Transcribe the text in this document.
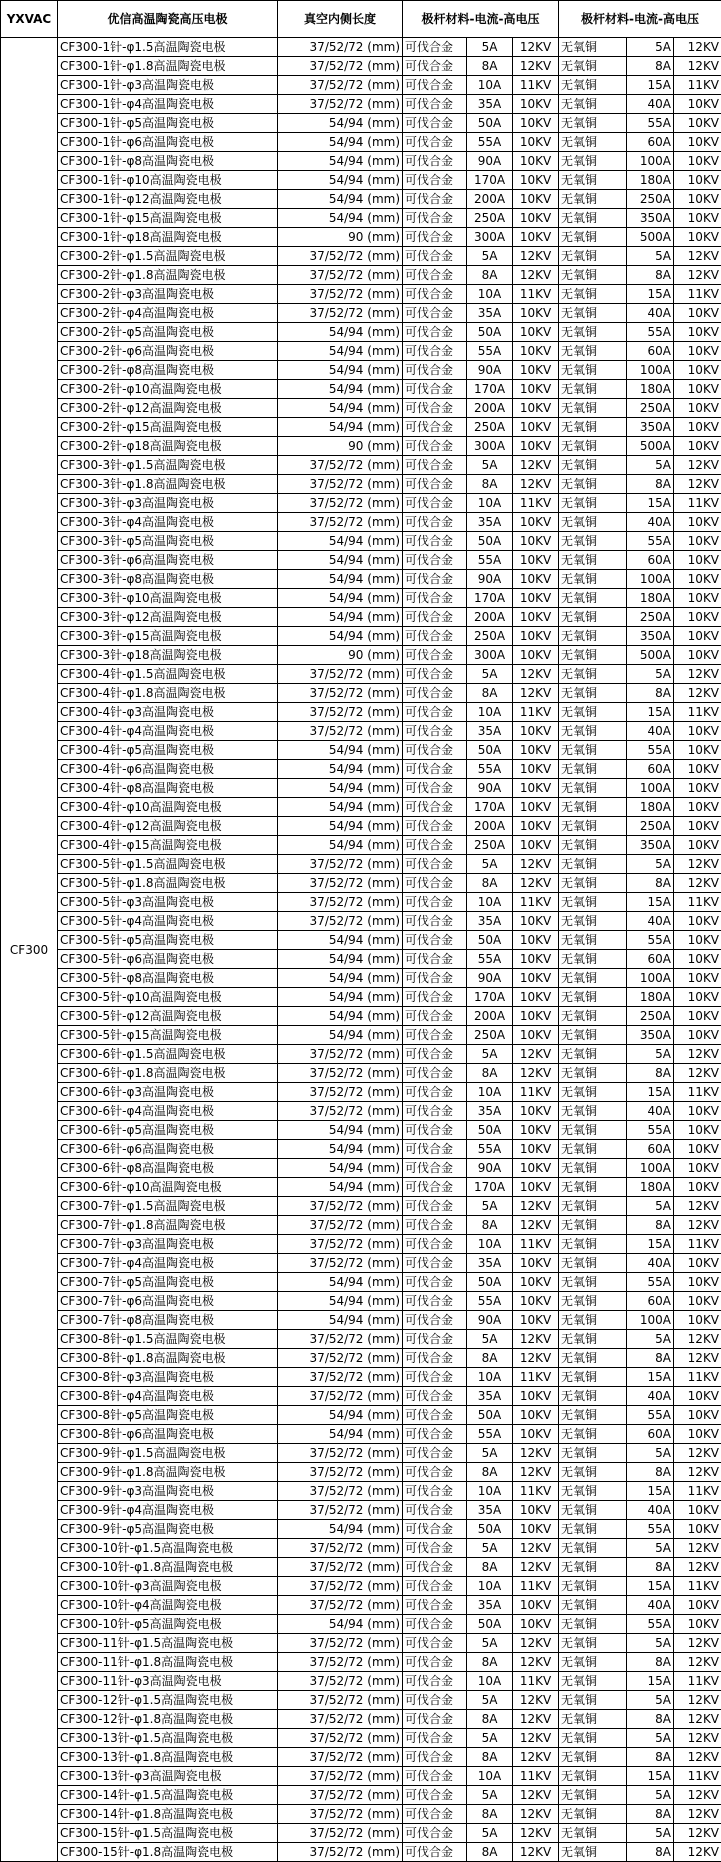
YXVAC	优信高温陶瓷高压电极	真空内侧长度	极杆材料-电流-高电压			极杆材料-电流-高电压		
CF300	CF300-1针-φ1.5高温陶瓷电极	37/52/72 (mm)	可伐合金	5A	12KV	无氧铜	5A	12KV
	CF300-1针-φ1.8高温陶瓷电极	37/52/72 (mm)	可伐合金	8A	12KV	无氧铜	8A	12KV
	CF300-1针-φ3高温陶瓷电极	37/52/72 (mm)	可伐合金	10A	11KV	无氧铜	15A	11KV
	CF300-1针-φ4高温陶瓷电极	37/52/72 (mm)	可伐合金	35A	10KV	无氧铜	40A	10KV
	CF300-1针-φ5高温陶瓷电极	54/94 (mm)	可伐合金	50A	10KV	无氧铜	55A	10KV
	CF300-1针-φ6高温陶瓷电极	54/94 (mm)	可伐合金	55A	10KV	无氧铜	60A	10KV
	CF300-1针-φ8高温陶瓷电极	54/94 (mm)	可伐合金	90A	10KV	无氧铜	100A	10KV
	CF300-1针-φ10高温陶瓷电极	54/94 (mm)	可伐合金	170A	10KV	无氧铜	180A	10KV
	CF300-1针-φ12高温陶瓷电极	54/94 (mm)	可伐合金	200A	10KV	无氧铜	250A	10KV
	CF300-1针-φ15高温陶瓷电极	54/94 (mm)	可伐合金	250A	10KV	无氧铜	350A	10KV
	CF300-1针-φ18高温陶瓷电极	90 (mm)	可伐合金	300A	10KV	无氧铜	500A	10KV
	CF300-2针-φ1.5高温陶瓷电极	37/52/72 (mm)	可伐合金	5A	12KV	无氧铜	5A	12KV
	CF300-2针-φ1.8高温陶瓷电极	37/52/72 (mm)	可伐合金	8A	12KV	无氧铜	8A	12KV
	CF300-2针-φ3高温陶瓷电极	37/52/72 (mm)	可伐合金	10A	11KV	无氧铜	15A	11KV
	CF300-2针-φ4高温陶瓷电极	37/52/72 (mm)	可伐合金	35A	10KV	无氧铜	40A	10KV
	CF300-2针-φ5高温陶瓷电极	54/94 (mm)	可伐合金	50A	10KV	无氧铜	55A	10KV
	CF300-2针-φ6高温陶瓷电极	54/94 (mm)	可伐合金	55A	10KV	无氧铜	60A	10KV
	CF300-2针-φ8高温陶瓷电极	54/94 (mm)	可伐合金	90A	10KV	无氧铜	100A	10KV
	CF300-2针-φ10高温陶瓷电极	54/94 (mm)	可伐合金	170A	10KV	无氧铜	180A	10KV
	CF300-2针-φ12高温陶瓷电极	54/94 (mm)	可伐合金	200A	10KV	无氧铜	250A	10KV
	CF300-2针-φ15高温陶瓷电极	54/94 (mm)	可伐合金	250A	10KV	无氧铜	350A	10KV
	CF300-2针-φ18高温陶瓷电极	90 (mm)	可伐合金	300A	10KV	无氧铜	500A	10KV
	CF300-3针-φ1.5高温陶瓷电极	37/52/72 (mm)	可伐合金	5A	12KV	无氧铜	5A	12KV
	CF300-3针-φ1.8高温陶瓷电极	37/52/72 (mm)	可伐合金	8A	12KV	无氧铜	8A	12KV
	CF300-3针-φ3高温陶瓷电极	37/52/72 (mm)	可伐合金	10A	11KV	无氧铜	15A	11KV
	CF300-3针-φ4高温陶瓷电极	37/52/72 (mm)	可伐合金	35A	10KV	无氧铜	40A	10KV
	CF300-3针-φ5高温陶瓷电极	54/94 (mm)	可伐合金	50A	10KV	无氧铜	55A	10KV
	CF300-3针-φ6高温陶瓷电极	54/94 (mm)	可伐合金	55A	10KV	无氧铜	60A	10KV
	CF300-3针-φ8高温陶瓷电极	54/94 (mm)	可伐合金	90A	10KV	无氧铜	100A	10KV
	CF300-3针-φ10高温陶瓷电极	54/94 (mm)	可伐合金	170A	10KV	无氧铜	180A	10KV
	CF300-3针-φ12高温陶瓷电极	54/94 (mm)	可伐合金	200A	10KV	无氧铜	250A	10KV
	CF300-3针-φ15高温陶瓷电极	54/94 (mm)	可伐合金	250A	10KV	无氧铜	350A	10KV
	CF300-3针-φ18高温陶瓷电极	90 (mm)	可伐合金	300A	10KV	无氧铜	500A	10KV
	CF300-4针-φ1.5高温陶瓷电极	37/52/72 (mm)	可伐合金	5A	12KV	无氧铜	5A	12KV
	CF300-4针-φ1.8高温陶瓷电极	37/52/72 (mm)	可伐合金	8A	12KV	无氧铜	8A	12KV
	CF300-4针-φ3高温陶瓷电极	37/52/72 (mm)	可伐合金	10A	11KV	无氧铜	15A	11KV
	CF300-4针-φ4高温陶瓷电极	37/52/72 (mm)	可伐合金	35A	10KV	无氧铜	40A	10KV
	CF300-4针-φ5高温陶瓷电极	54/94 (mm)	可伐合金	50A	10KV	无氧铜	55A	10KV
	CF300-4针-φ6高温陶瓷电极	54/94 (mm)	可伐合金	55A	10KV	无氧铜	60A	10KV
	CF300-4针-φ8高温陶瓷电极	54/94 (mm)	可伐合金	90A	10KV	无氧铜	100A	10KV
	CF300-4针-φ10高温陶瓷电极	54/94 (mm)	可伐合金	170A	10KV	无氧铜	180A	10KV
	CF300-4针-φ12高温陶瓷电极	54/94 (mm)	可伐合金	200A	10KV	无氧铜	250A	10KV
	CF300-4针-φ15高温陶瓷电极	54/94 (mm)	可伐合金	250A	10KV	无氧铜	350A	10KV
	CF300-5针-φ1.5高温陶瓷电极	37/52/72 (mm)	可伐合金	5A	12KV	无氧铜	5A	12KV
	CF300-5针-φ1.8高温陶瓷电极	37/52/72 (mm)	可伐合金	8A	12KV	无氧铜	8A	12KV
	CF300-5针-φ3高温陶瓷电极	37/52/72 (mm)	可伐合金	10A	11KV	无氧铜	15A	11KV
	CF300-5针-φ4高温陶瓷电极	37/52/72 (mm)	可伐合金	35A	10KV	无氧铜	40A	10KV
	CF300-5针-φ5高温陶瓷电极	54/94 (mm)	可伐合金	50A	10KV	无氧铜	55A	10KV
	CF300-5针-φ6高温陶瓷电极	54/94 (mm)	可伐合金	55A	10KV	无氧铜	60A	10KV
	CF300-5针-φ8高温陶瓷电极	54/94 (mm)	可伐合金	90A	10KV	无氧铜	100A	10KV
	CF300-5针-φ10高温陶瓷电极	54/94 (mm)	可伐合金	170A	10KV	无氧铜	180A	10KV
	CF300-5针-φ12高温陶瓷电极	54/94 (mm)	可伐合金	200A	10KV	无氧铜	250A	10KV
	CF300-5针-φ15高温陶瓷电极	54/94 (mm)	可伐合金	250A	10KV	无氧铜	350A	10KV
	CF300-6针-φ1.5高温陶瓷电极	37/52/72 (mm)	可伐合金	5A	12KV	无氧铜	5A	12KV
	CF300-6针-φ1.8高温陶瓷电极	37/52/72 (mm)	可伐合金	8A	12KV	无氧铜	8A	12KV
	CF300-6针-φ3高温陶瓷电极	37/52/72 (mm)	可伐合金	10A	11KV	无氧铜	15A	11KV
	CF300-6针-φ4高温陶瓷电极	37/52/72 (mm)	可伐合金	35A	10KV	无氧铜	40A	10KV
	CF300-6针-φ5高温陶瓷电极	54/94 (mm)	可伐合金	50A	10KV	无氧铜	55A	10KV
	CF300-6针-φ6高温陶瓷电极	54/94 (mm)	可伐合金	55A	10KV	无氧铜	60A	10KV
	CF300-6针-φ8高温陶瓷电极	54/94 (mm)	可伐合金	90A	10KV	无氧铜	100A	10KV
	CF300-6针-φ10高温陶瓷电极	54/94 (mm)	可伐合金	170A	10KV	无氧铜	180A	10KV
	CF300-7针-φ1.5高温陶瓷电极	37/52/72 (mm)	可伐合金	5A	12KV	无氧铜	5A	12KV
	CF300-7针-φ1.8高温陶瓷电极	37/52/72 (mm)	可伐合金	8A	12KV	无氧铜	8A	12KV
	CF300-7针-φ3高温陶瓷电极	37/52/72 (mm)	可伐合金	10A	11KV	无氧铜	15A	11KV
	CF300-7针-φ4高温陶瓷电极	37/52/72 (mm)	可伐合金	35A	10KV	无氧铜	40A	10KV
	CF300-7针-φ5高温陶瓷电极	54/94 (mm)	可伐合金	50A	10KV	无氧铜	55A	10KV
	CF300-7针-φ6高温陶瓷电极	54/94 (mm)	可伐合金	55A	10KV	无氧铜	60A	10KV
	CF300-7针-φ8高温陶瓷电极	54/94 (mm)	可伐合金	90A	10KV	无氧铜	100A	10KV
	CF300-8针-φ1.5高温陶瓷电极	37/52/72 (mm)	可伐合金	5A	12KV	无氧铜	5A	12KV
	CF300-8针-φ1.8高温陶瓷电极	37/52/72 (mm)	可伐合金	8A	12KV	无氧铜	8A	12KV
	CF300-8针-φ3高温陶瓷电极	37/52/72 (mm)	可伐合金	10A	11KV	无氧铜	15A	11KV
	CF300-8针-φ4高温陶瓷电极	37/52/72 (mm)	可伐合金	35A	10KV	无氧铜	40A	10KV
	CF300-8针-φ5高温陶瓷电极	54/94 (mm)	可伐合金	50A	10KV	无氧铜	55A	10KV
	CF300-8针-φ6高温陶瓷电极	54/94 (mm)	可伐合金	55A	10KV	无氧铜	60A	10KV
	CF300-9针-φ1.5高温陶瓷电极	37/52/72 (mm)	可伐合金	5A	12KV	无氧铜	5A	12KV
	CF300-9针-φ1.8高温陶瓷电极	37/52/72 (mm)	可伐合金	8A	12KV	无氧铜	8A	12KV
	CF300-9针-φ3高温陶瓷电极	37/52/72 (mm)	可伐合金	10A	11KV	无氧铜	15A	11KV
	CF300-9针-φ4高温陶瓷电极	37/52/72 (mm)	可伐合金	35A	10KV	无氧铜	40A	10KV
	CF300-9针-φ5高温陶瓷电极	54/94 (mm)	可伐合金	50A	10KV	无氧铜	55A	10KV
	CF300-10针-φ1.5高温陶瓷电极	37/52/72 (mm)	可伐合金	5A	12KV	无氧铜	5A	12KV
	CF300-10针-φ1.8高温陶瓷电极	37/52/72 (mm)	可伐合金	8A	12KV	无氧铜	8A	12KV
	CF300-10针-φ3高温陶瓷电极	37/52/72 (mm)	可伐合金	10A	11KV	无氧铜	15A	11KV
	CF300-10针-φ4高温陶瓷电极	37/52/72 (mm)	可伐合金	35A	10KV	无氧铜	40A	10KV
	CF300-10针-φ5高温陶瓷电极	54/94 (mm)	可伐合金	50A	10KV	无氧铜	55A	10KV
	CF300-11针-φ1.5高温陶瓷电极	37/52/72 (mm)	可伐合金	5A	12KV	无氧铜	5A	12KV
	CF300-11针-φ1.8高温陶瓷电极	37/52/72 (mm)	可伐合金	8A	12KV	无氧铜	8A	12KV
	CF300-11针-φ3高温陶瓷电极	37/52/72 (mm)	可伐合金	10A	11KV	无氧铜	15A	11KV
	CF300-12针-φ1.5高温陶瓷电极	37/52/72 (mm)	可伐合金	5A	12KV	无氧铜	5A	12KV
	CF300-12针-φ1.8高温陶瓷电极	37/52/72 (mm)	可伐合金	8A	12KV	无氧铜	8A	12KV
	CF300-13针-φ1.5高温陶瓷电极	37/52/72 (mm)	可伐合金	5A	12KV	无氧铜	5A	12KV
	CF300-13针-φ1.8高温陶瓷电极	37/52/72 (mm)	可伐合金	8A	12KV	无氧铜	8A	12KV
	CF300-13针-φ3高温陶瓷电极	37/52/72 (mm)	可伐合金	10A	11KV	无氧铜	15A	11KV
	CF300-14针-φ1.5高温陶瓷电极	37/52/72 (mm)	可伐合金	5A	12KV	无氧铜	5A	12KV
	CF300-14针-φ1.8高温陶瓷电极	37/52/72 (mm)	可伐合金	8A	12KV	无氧铜	8A	12KV
	CF300-15针-φ1.5高温陶瓷电极	37/52/72 (mm)	可伐合金	5A	12KV	无氧铜	5A	12KV
	CF300-15针-φ1.8高温陶瓷电极	37/52/72 (mm)	可伐合金	8A	12KV	无氧铜	8A	12KV
